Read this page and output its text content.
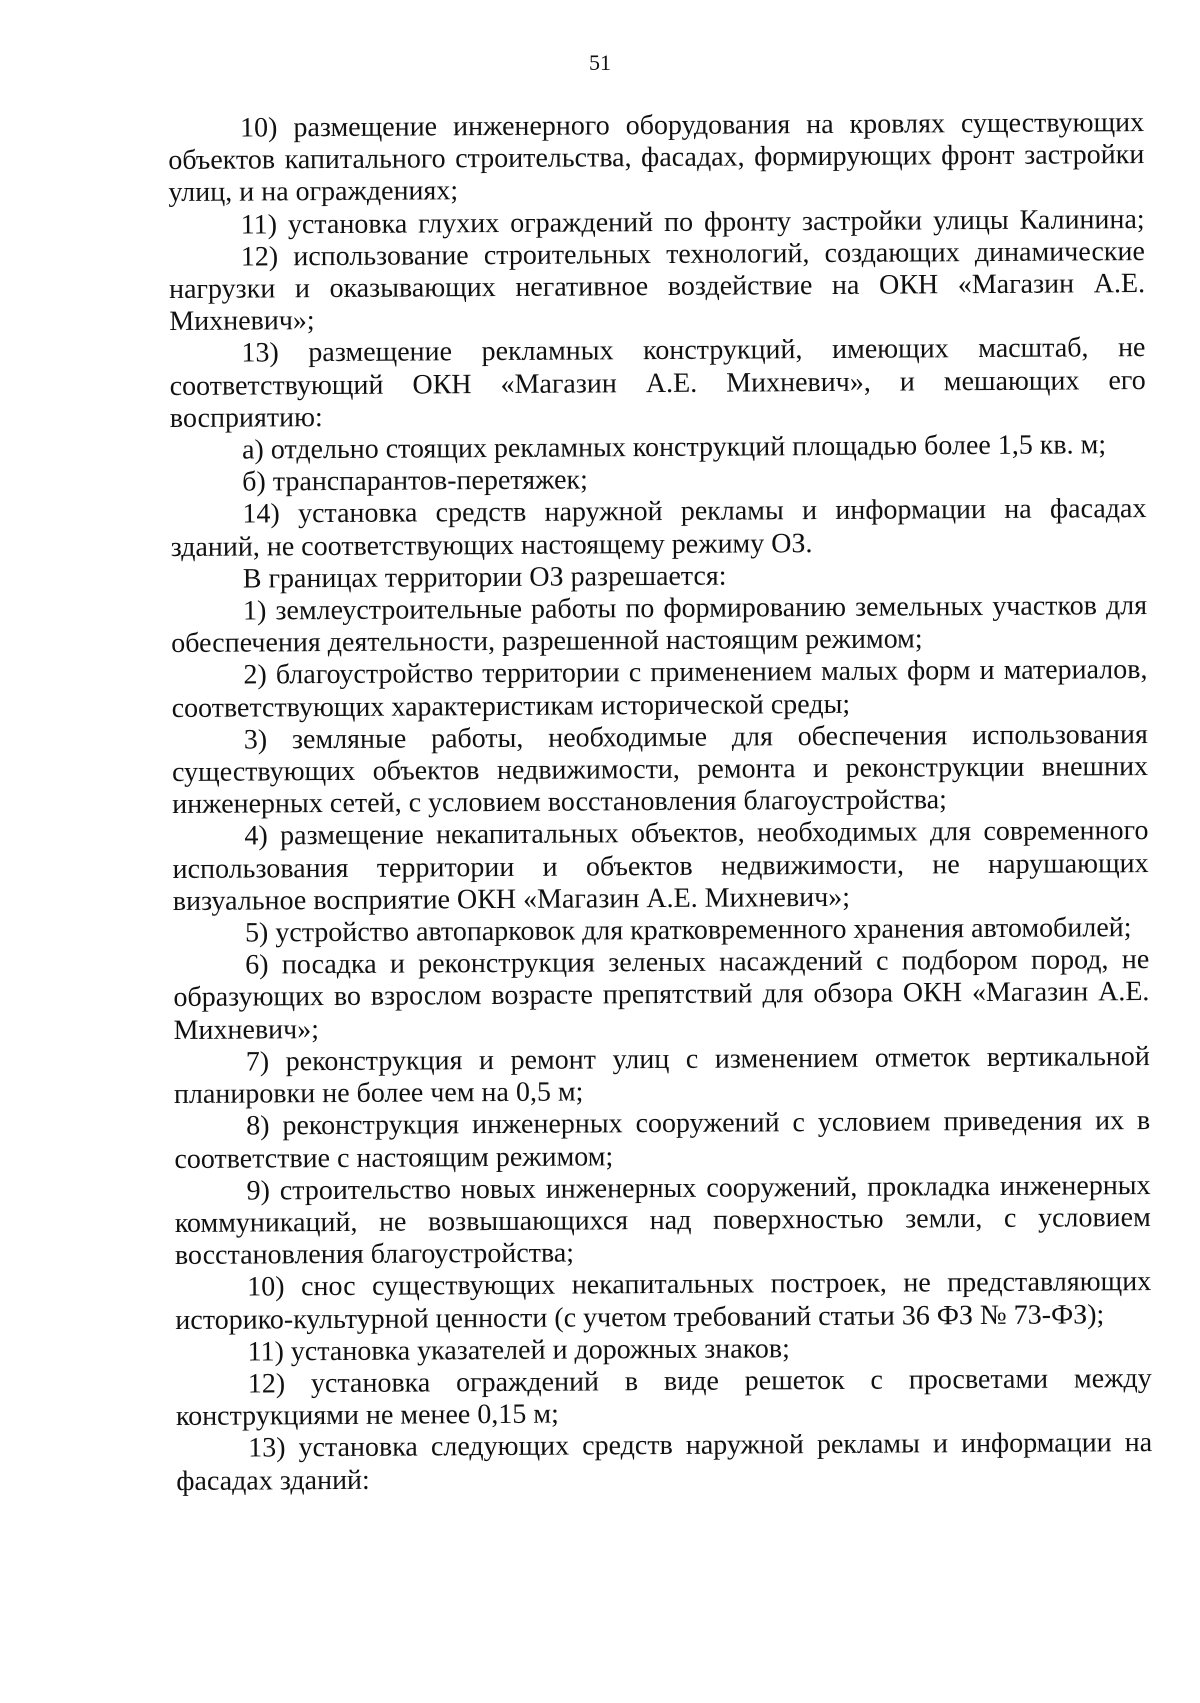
51

10) размещение инженерного оборудования на кровлях существующих объектов капитального строительства, фасадах, формирующих фронт застройки улиц, и на ограждениях;

11) установка глухих ограждений по фронту застройки улицы Калинина;

12) использование строительных технологий, создающих динамические нагрузки и оказывающих негативное воздействие на ОКН «Магазин А.Е. Михневич»;

13) размещение рекламных конструкций, имеющих масштаб, не соответствующий ОКН «Магазин А.Е. Михневич», и мешающих его восприятию:

а) отдельно стоящих рекламных конструкций площадью более 1,5 кв. м;

б) транспарантов-перетяжек;

14) установка средств наружной рекламы и информации на фасадах зданий, не соответствующих настоящему режиму ОЗ.

В границах территории ОЗ разрешается:

1) землеустроительные работы по формированию земельных участков для обеспечения деятельности, разрешенной настоящим режимом;

2) благоустройство территории с применением малых форм и материалов, соответствующих характеристикам исторической среды;

3) земляные работы, необходимые для обеспечения использования существующих объектов недвижимости, ремонта и реконструкции внешних инженерных сетей, с условием восстановления благоустройства;

4) размещение некапитальных объектов, необходимых для современного использования территории и объектов недвижимости, не нарушающих визуальное восприятие ОКН «Магазин А.Е. Михневич»;

5) устройство автопарковок для кратковременного хранения автомобилей;

6) посадка и реконструкция зеленых насаждений с подбором пород, не образующих во взрослом возрасте препятствий для обзора ОКН «Магазин А.Е. Михневич»;

7) реконструкция и ремонт улиц с изменением отметок вертикальной планировки не более чем на 0,5 м;

8) реконструкция инженерных сооружений с условием приведения их в соответствие с настоящим режимом;

9) строительство новых инженерных сооружений, прокладка инженерных коммуникаций, не возвышающихся над поверхностью земли, с условием восстановления благоустройства;

10) снос существующих некапитальных построек, не представляющих историко-культурной ценности (с учетом требований статьи 36 ФЗ № 73-ФЗ);

11) установка указателей и дорожных знаков;

12) установка ограждений в виде решеток с просветами между конструкциями не менее 0,15 м;

13) установка следующих средств наружной рекламы и информации на фасадах зданий:
